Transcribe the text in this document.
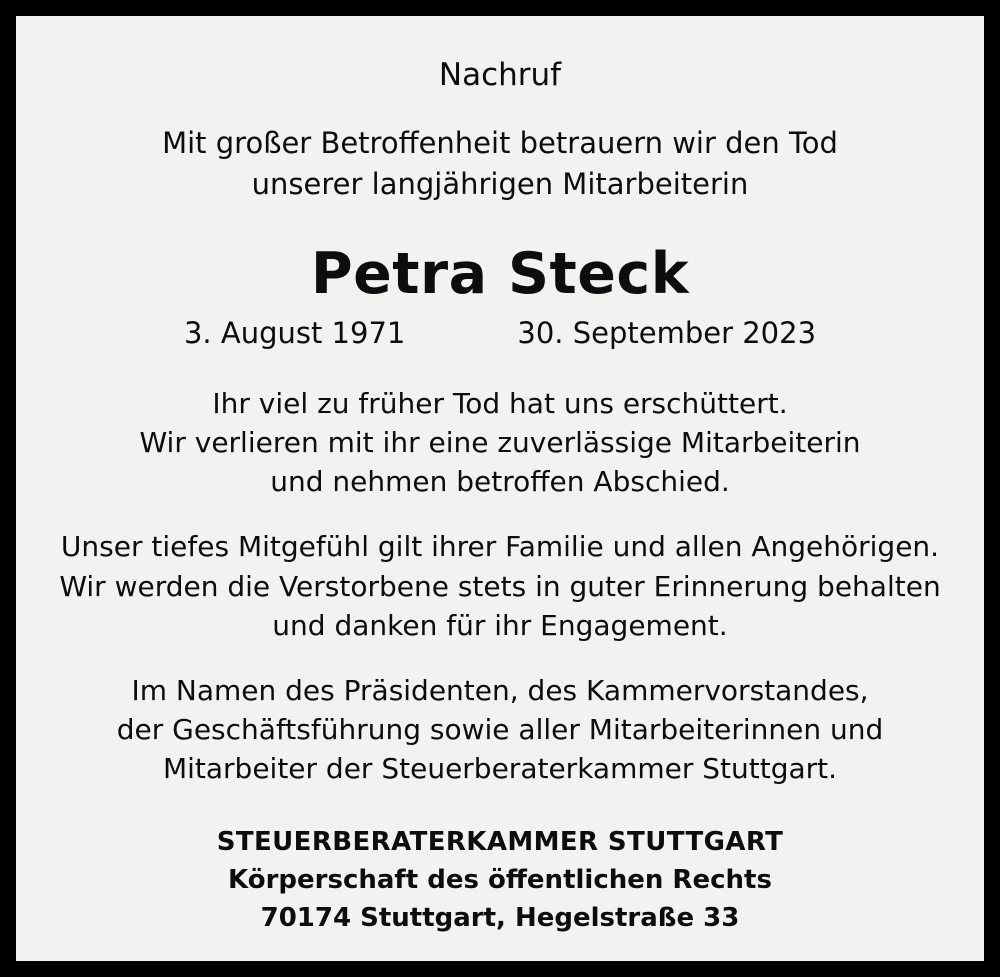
Nachruf
Mit großer Betroffenheit betrauern wir den Tod
unserer langjährigen Mitarbeiterin
Petra Steck
3. August 1971	30. September 2023
Ihr viel zu früher Tod hat uns erschüttert.
Wir verlieren mit ihr eine zuverlässige Mitarbeiterin
und nehmen betroffen Abschied.
Unser tiefes Mitgefühl gilt ihrer Familie und allen Angehörigen.
Wir werden die Verstorbene stets in guter Erinnerung behalten
und danken für ihr Engagement.
Im Namen des Präsidenten, des Kammervorstandes,
der Geschäftsführung sowie aller Mitarbeiterinnen und
Mitarbeiter der Steuerberaterkammer Stuttgart.
STEUERBERATERKAMMER STUTTGART
Körperschaft des öffentlichen Rechts
70174 Stuttgart, Hegelstraße 33
